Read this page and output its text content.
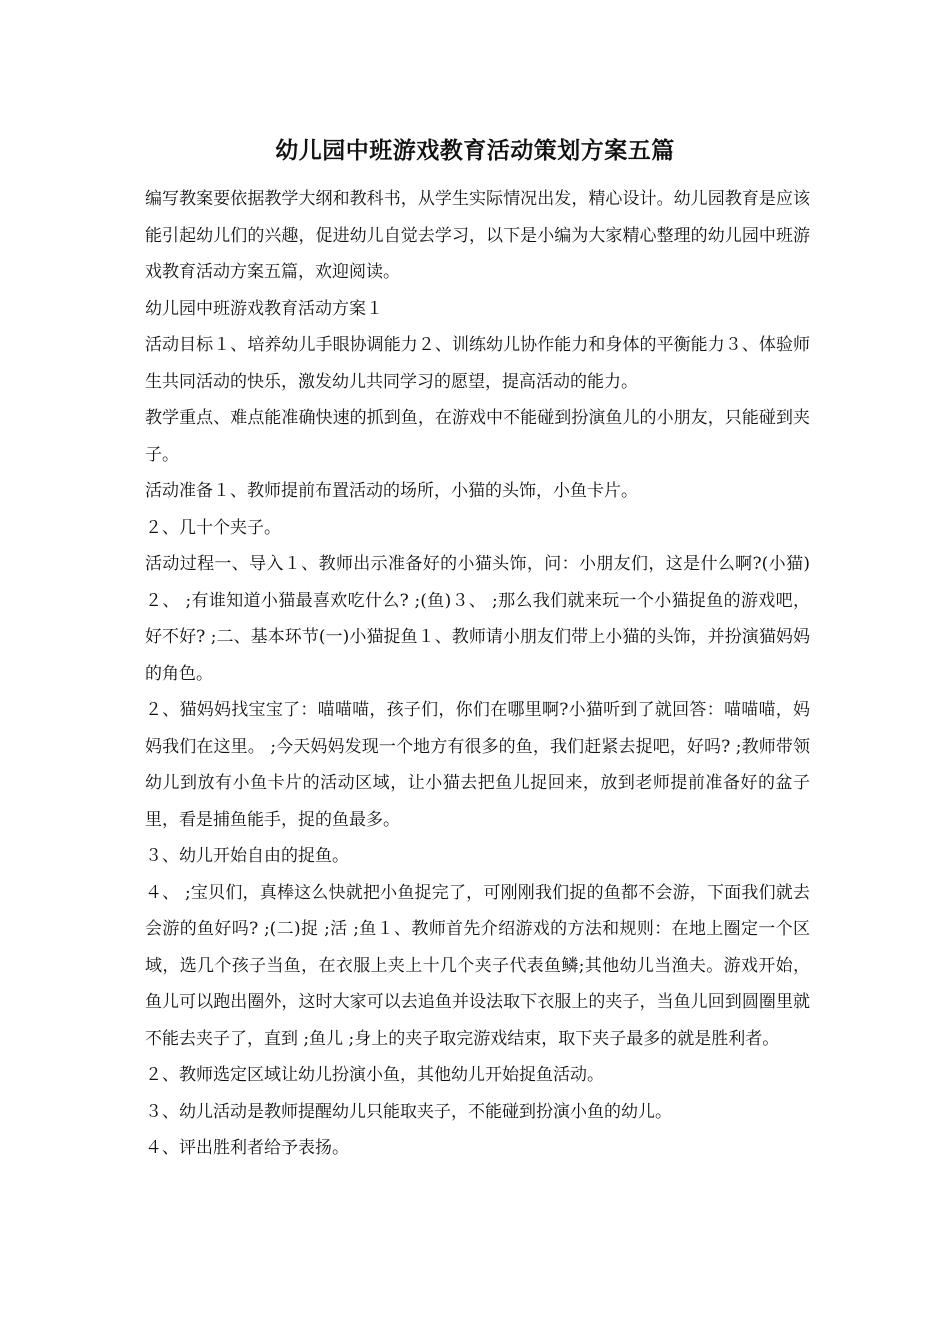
幼儿园中班游戏教育活动策划方案五篇

编写教案要依据教学大纲和教科书，从学生实际情况出发，精心设计。幼儿园教育是应该能引起幼儿们的兴趣，促进幼儿自觉去学习，以下是小编为大家精心整理的幼儿园中班游戏教育活动方案五篇，欢迎阅读。

幼儿园中班游戏教育活动方案１

活动目标１、培养幼儿手眼协调能力２、训练幼儿协作能力和身体的平衡能力３、体验师生共同活动的快乐，激发幼儿共同学习的愿望，提高活动的能力。

教学重点、难点能准确快速的抓到鱼，在游戏中不能碰到扮演鱼儿的小朋友，只能碰到夹子。

活动准备１、教师提前布置活动的场所，小猫的头饰，小鱼卡片。

２、几十个夹子。

活动过程一、导入１、教师出示准备好的小猫头饰，问：小朋友们，这是什么啊?(小猫)２、 ;有谁知道小猫最喜欢吃什么? ;(鱼)３、 ;那么我们就来玩一个小猫捉鱼的游戏吧，好不好? ;二、基本环节(一)小猫捉鱼１、教师请小朋友们带上小猫的头饰，并扮演猫妈妈的角色。

２、猫妈妈找宝宝了：喵喵喵，孩子们，你们在哪里啊?小猫听到了就回答：喵喵喵，妈妈我们在这里。 ;今天妈妈发现一个地方有很多的鱼，我们赶紧去捉吧，好吗? ;教师带领幼儿到放有小鱼卡片的活动区域，让小猫去把鱼儿捉回来，放到老师提前准备好的盆子里，看是捕鱼能手，捉的鱼最多。

３、幼儿开始自由的捉鱼。

４、 ;宝贝们，真棒这么快就把小鱼捉完了，可刚刚我们捉的鱼都不会游，下面我们就去会游的鱼好吗? ;(二)捉 ;活 ;鱼１、教师首先介绍游戏的方法和规则：在地上圈定一个区域，选几个孩子当鱼，在衣服上夹上十几个夹子代表鱼鳞;其他幼儿当渔夫。游戏开始，鱼儿可以跑出圈外，这时大家可以去追鱼并设法取下衣服上的夹子，当鱼儿回到圆圈里就不能去夹子了，直到 ;鱼儿 ;身上的夹子取完游戏结束，取下夹子最多的就是胜利者。

２、教师选定区域让幼儿扮演小鱼，其他幼儿开始捉鱼活动。

３、幼儿活动是教师提醒幼儿只能取夹子，不能碰到扮演小鱼的幼儿。

４、评出胜利者给予表扬。
